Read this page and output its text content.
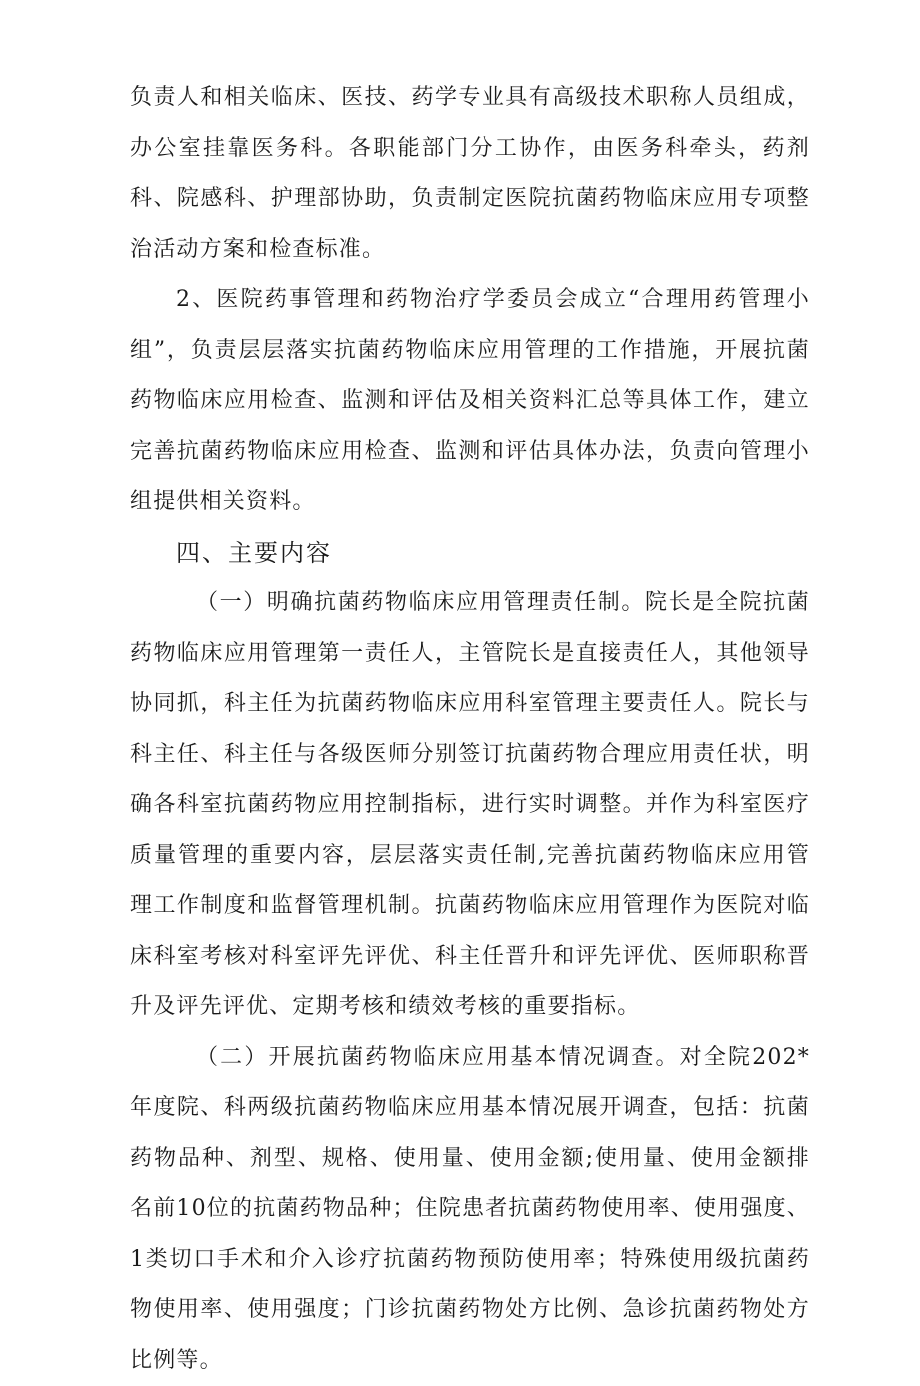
负责人和相关临床、医技、药学专业具有高级技术职称人员组成，办公室挂靠医务科。各职能部门分工协作，由医务科牵头，药剂科、院感科、护理部协助，负责制定医院抗菌药物临床应用专项整治活动方案和检查标准。

2、医院药事管理和药物治疗学委员会成立“合理用药管理小组”，负责层层落实抗菌药物临床应用管理的工作措施，开展抗菌药物临床应用检查、监测和评估及相关资料汇总等具体工作，建立完善抗菌药物临床应用检查、监测和评估具体办法，负责向管理小组提供相关资料。

四、主要内容

（一）明确抗菌药物临床应用管理责任制。院长是全院抗菌药物临床应用管理第一责任人，主管院长是直接责任人，其他领导协同抓，科主任为抗菌药物临床应用科室管理主要责任人。院长与科主任、科主任与各级医师分别签订抗菌药物合理应用责任状，明确各科室抗菌药物应用控制指标，进行实时调整。并作为科室医疗质量管理的重要内容，层层落实责任制,完善抗菌药物临床应用管理工作制度和监督管理机制。抗菌药物临床应用管理作为医院对临床科室考核对科室评先评优、科主任晋升和评先评优、医师职称晋升及评先评优、定期考核和绩效考核的重要指标。

（二）开展抗菌药物临床应用基本情况调查。对全院202*年度院、科两级抗菌药物临床应用基本情况展开调查，包括：抗菌药物品种、剂型、规格、使用量、使用金额;使用量、使用金额排名前10位的抗菌药物品种；住院患者抗菌药物使用率、使用强度、1类切口手术和介入诊疗抗菌药物预防使用率；特殊使用级抗菌药物使用率、使用强度；门诊抗菌药物处方比例、急诊抗菌药物处方比例等。
